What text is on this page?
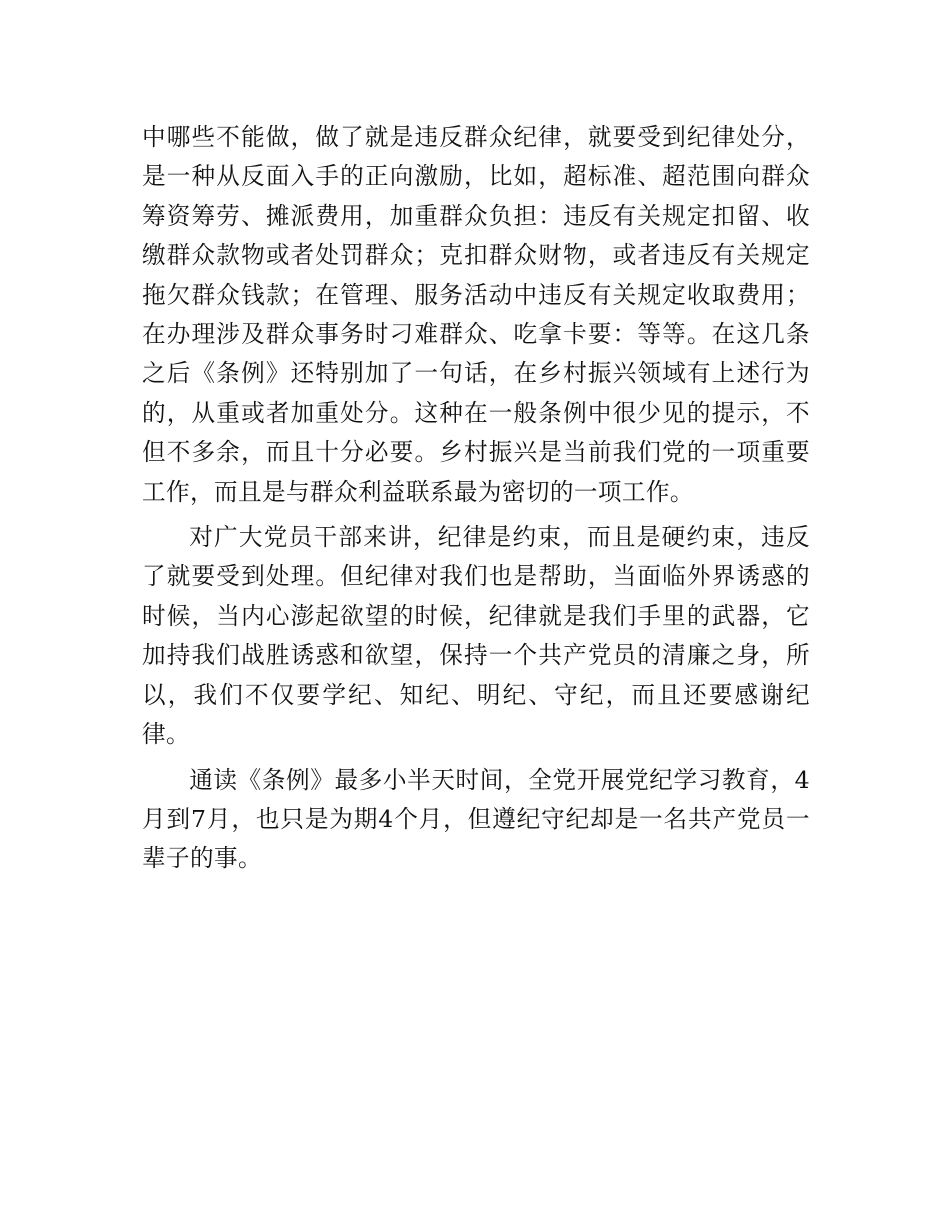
中哪些不能做，做了就是违反群众纪律，就要受到纪律处分，是一种从反面入手的正向激励，比如，超标准、超范围向群众筹资筹劳、摊派费用，加重群众负担：违反有关规定扣留、收缴群众款物或者处罚群众；克扣群众财物，或者违反有关规定拖欠群众钱款；在管理、服务活动中违反有关规定收取费用；在办理涉及群众事务时刁难群众、吃拿卡要：等等。在这几条之后《条例》还特别加了一句话，在乡村振兴领域有上述行为的，从重或者加重处分。这种在一般条例中很少见的提示，不但不多余，而且十分必要。乡村振兴是当前我们党的一项重要工作，而且是与群众利益联系最为密切的一项工作。

对广大党员干部来讲，纪律是约束，而且是硬约束，违反了就要受到处理。但纪律对我们也是帮助，当面临外界诱惑的时候，当内心澎起欲望的时候，纪律就是我们手里的武器，它加持我们战胜诱惑和欲望，保持一个共产党员的清廉之身，所以，我们不仅要学纪、知纪、明纪、守纪，而且还要感谢纪律。

通读《条例》最多小半天时间，全党开展党纪学习教育，4月到7月，也只是为期4个月，但遵纪守纪却是一名共产党员一辈子的事。
